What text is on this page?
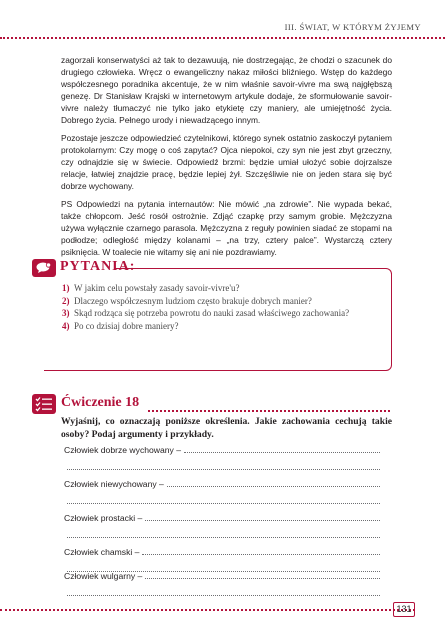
III. ŚWIAT, W KTÓRYM ŻYJEMY

zagorzali konserwatyści aż tak to dezawuują, nie dostrzegając, że chodzi o szacunek do drugiego człowieka. Wręcz o ewangeliczny nakaz miłości bliźniego. Wstęp do każdego współczesnego poradnika akcentuje, że w nim właśnie savoir-vivre ma swą najgłębszą genezę. Dr Stanisław Krajski w internetowym artykule dodaje, że sformułowanie savoir-vivre należy tłumaczyć nie tylko jako etykietę czy maniery, ale umiejętność życia. Dobrego życia. Pełnego urody i niewadzącego innym.

Pozostaje jeszcze odpowiedzieć czytelnikowi, którego synek ostatnio zaskoczył pytaniem protokolarnym: Czy mogę o coś zapytać? Ojca niepokoi, czy syn nie jest zbyt grzeczny, czy odnajdzie się w świecie. Odpowiedź brzmi: będzie umiał ułożyć sobie dojrzalsze relacje, łatwiej znajdzie pracę, będzie lepiej żył. Szczęśliwie nie on jeden stara się być dobrze wychowany.

PS Odpowiedzi na pytania internautów: Nie mówić „na zdrowie”. Nie wypada bekać, także chłopcom. Jeść rosół ostrożnie. Zdjąć czapkę przy samym grobie. Mężczyzna używa wyłącznie czarnego parasola. Mężczyzna z reguły powinien siadać ze stopami na podłodze; odległość między kolanami – „na trzy, cztery palce”. Wystarczą cztery psiknięcia. W toalecie nie witamy się ani nie pozdrawiamy.

PYTANIA:
1) W jakim celu powstały zasady savoir-vivre'u?
2) Dlaczego współczesnym ludziom często brakuje dobrych manier?
3) Skąd rodząca się potrzeba powrotu do nauki zasad właściwego zachowania?
4) Po co dzisiaj dobre maniery?
Ćwiczenie 18
Wyjaśnij, co oznaczają poniższe określenia. Jakie zachowania cechują takie osoby? Podaj argumenty i przykłady.
Człowiek dobrze wychowany –
Człowiek niewychowany –
Człowiek prostacki –
Człowiek chamski –
Człowiek wulgarny –
131
